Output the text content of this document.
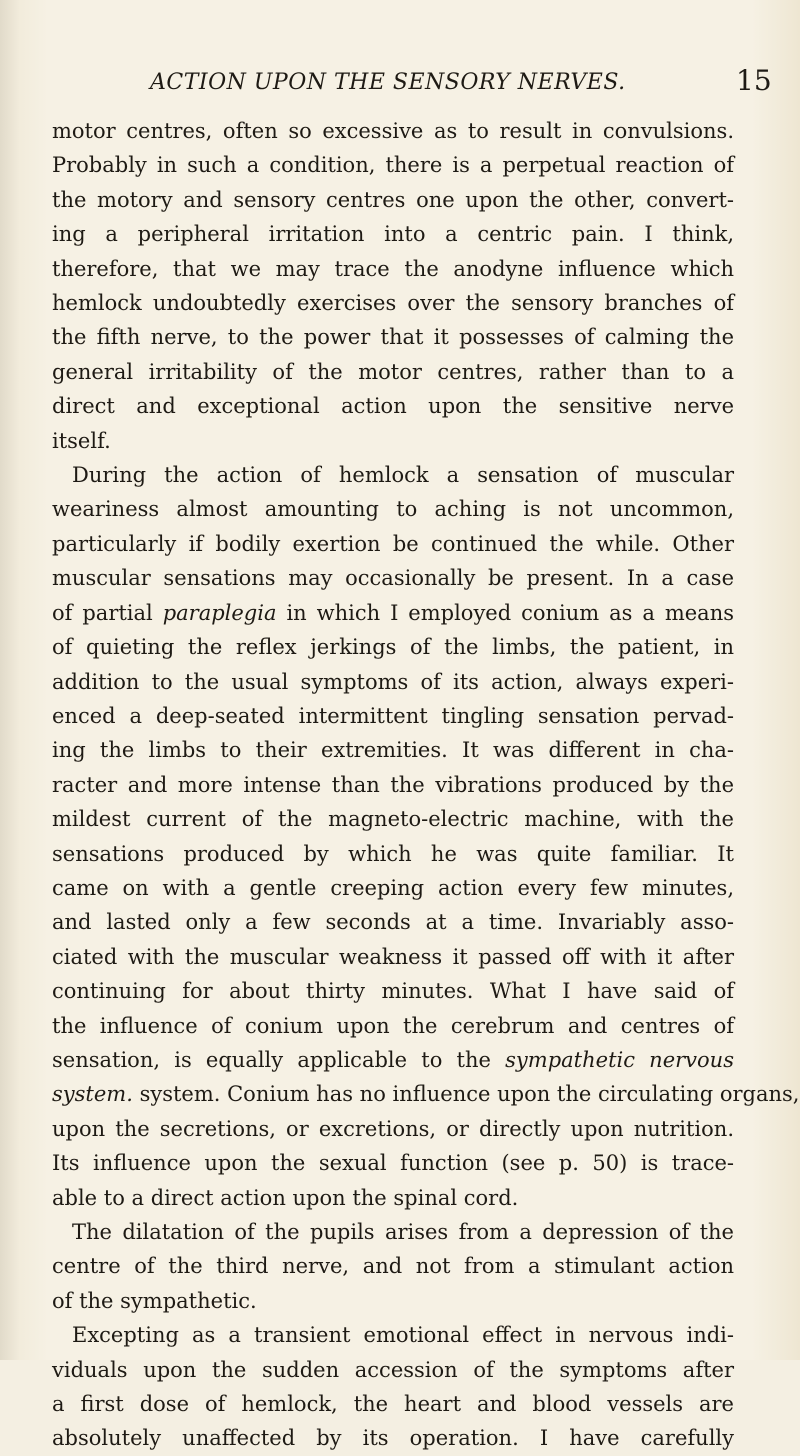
ACTION UPON THE SENSORY NERVES.	15
motor centres, often so excessive as to result in convulsions.
Probably in such a condition, there is a perpetual reaction of
the motory and sensory centres one upon the other, convert-
ing a peripheral irritation into a centric pain. I think,
therefore, that we may trace the anodyne influence which
hemlock undoubtedly exercises over the sensory branches of
the fifth nerve, to the power that it possesses of calming the
general irritability of the motor centres, rather than to a
direct and exceptional action upon the sensitive nerve
itself.
During the action of hemlock a sensation of muscular
weariness almost amounting to aching is not uncommon,
particularly if bodily exertion be continued the while. Other
muscular sensations may occasionally be present. In a case
of partial paraplegia in which I employed conium as a means
of quieting the reflex jerkings of the limbs, the patient, in
addition to the usual symptoms of its action, always experi-
enced a deep-seated intermittent tingling sensation pervad-
ing the limbs to their extremities. It was different in cha-
racter and more intense than the vibrations produced by the
mildest current of the magneto-electric machine, with the
sensations produced by which he was quite familiar. It
came on with a gentle creeping action every few minutes,
and lasted only a few seconds at a time. Invariably asso-
ciated with the muscular weakness it passed off with it after
continuing for about thirty minutes. What I have said of
the influence of conium upon the cerebrum and centres of
sensation, is equally applicable to the sympathetic nervous
system. system. Conium has no influence upon the circulating organs,
upon the secretions, or excretions, or directly upon nutrition.
Its influence upon the sexual function (see p. 50) is trace-
able to a direct action upon the spinal cord.
The dilatation of the pupils arises from a depression of the
centre of the third nerve, and not from a stimulant action
of the sympathetic.
Excepting as a transient emotional effect in nervous indi-
viduals upon the sudden accession of the symptoms after
a first dose of hemlock, the heart and blood vessels are
absolutely unaffected by its operation. I have carefully
